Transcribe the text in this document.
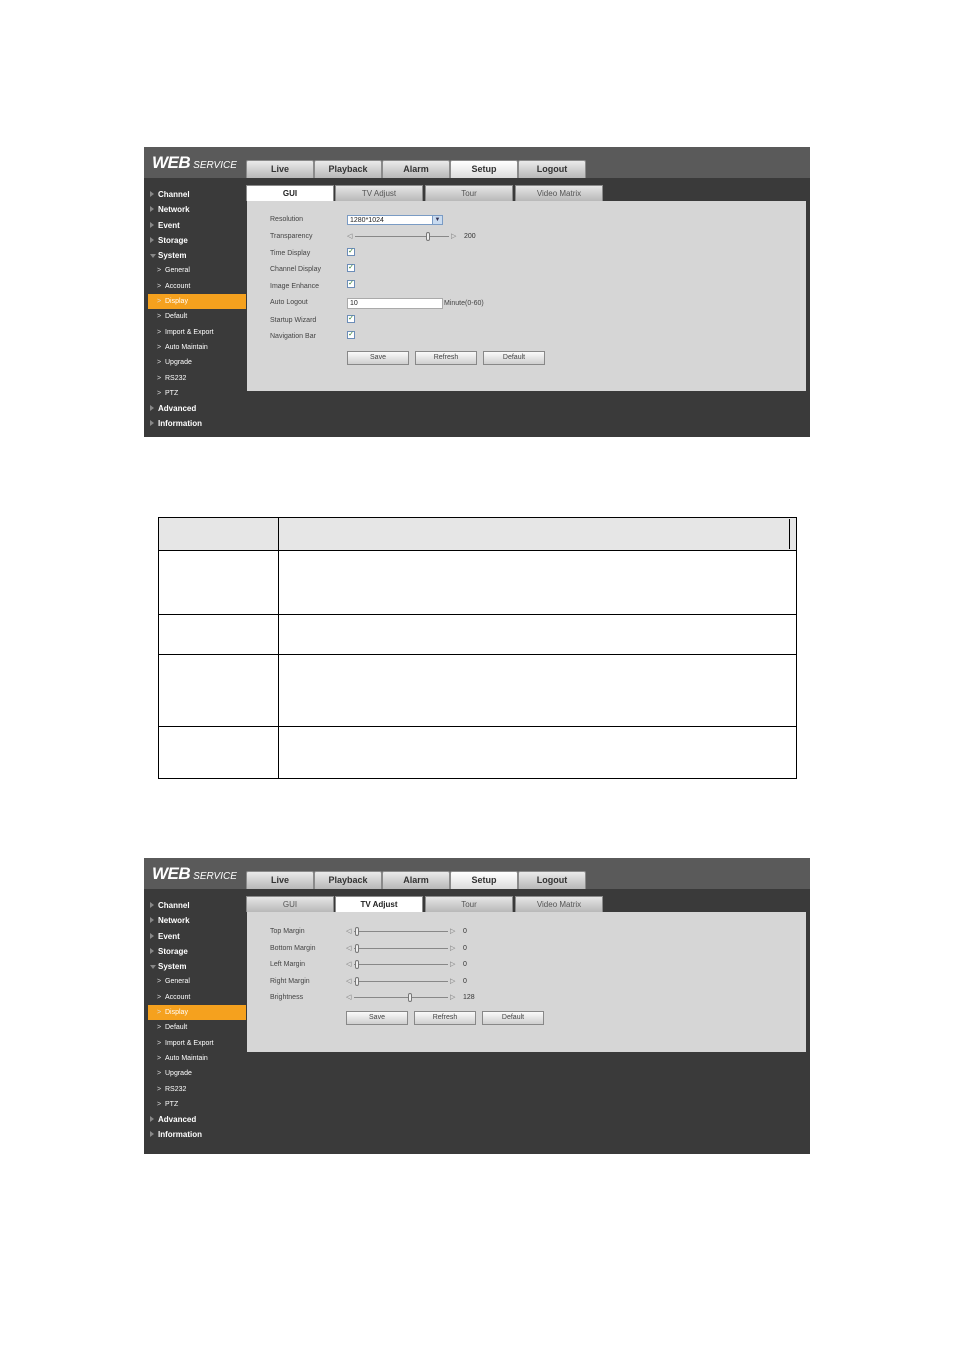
WEB SERVICE	Live	Playback	Alarm	Setup	Logout
Channel
Network
Event
Storage
System
> General
> Account
> Display
> Default
> Import & Export
> Auto Maintain
> Upgrade
> RS232
> PTZ
Advanced
Information
GUI	TV Adjust	Tour	Video Matrix
Resolution	1280*1024	▼
Transparency	◁	▷ 200
Time Display	✓
Channel Display	✓
Image Enhance	✓
Auto Logout	10	Minute(0-60)
Startup Wizard	✓
Navigation Bar	✓
Save	Refresh	Default

WEB SERVICE	Live	Playback	Alarm	Setup	Logout
Channel
Network
Event
Storage
System
> General
> Account
> Display
> Default
> Import & Export
> Auto Maintain
> Upgrade
> RS232
> PTZ
Advanced
Information
GUI	TV Adjust	Tour	Video Matrix
Top Margin	◁	▷ 0
Bottom Margin	◁	▷ 0
Left Margin	◁	▷ 0
Right Margin	◁	▷ 0
Brightness	◁	▷ 128
Save	Refresh	Default
